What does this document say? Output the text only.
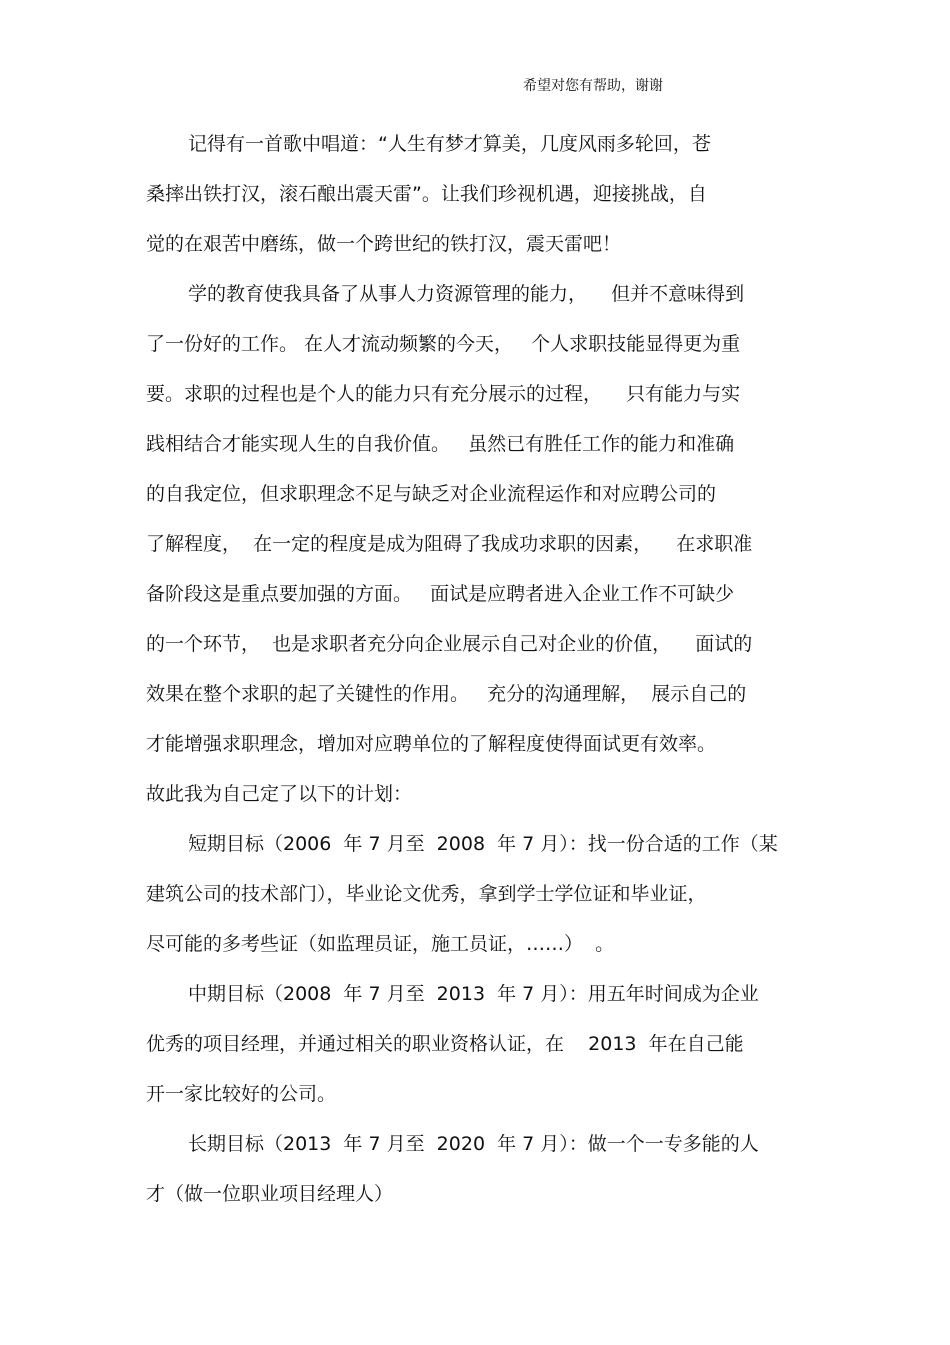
希望对您有帮助，谢谢
记得有一首歌中唱道：“人生有梦才算美，几度风雨多轮回，苍
桑摔出铁打汉，滚石酿出震天雷”。让我们珍视机遇，迎接挑战，自
觉的在艰苦中磨练，做一个跨世纪的铁打汉，震天雷吧！
学的教育使我具备了从事人力资源管理的能力，    但并不意味得到
了一份好的工作。 在人才流动频繁的今天，   个人求职技能显得更为重
要。求职的过程也是个人的能力只有充分展示的过程，    只有能力与实
践相结合才能实现人生的自我价值。   虽然已有胜任工作的能力和准确
的自我定位，但求职理念不足与缺乏对企业流程运作和对应聘公司的
了解程度，  在一定的程度是成为阻碍了我成功求职的因素，    在求职准
备阶段这是重点要加强的方面。   面试是应聘者进入企业工作不可缺少
的一个环节，  也是求职者充分向企业展示自己对企业的价值，    面试的
效果在整个求职的起了关键性的作用。   充分的沟通理解，  展示自己的
才能增强求职理念，增加对应聘单位的了解程度使得面试更有效率。
故此我为自己定了以下的计划：
短期目标（2006  年 7 月至  2008  年 7 月）：找一份合适的工作（某
建筑公司的技术部门），毕业论文优秀，拿到学士学位证和毕业证，
尽可能的多考些证（如监理员证，施工员证，……）  。
中期目标（2008  年 7 月至  2013  年 7 月）：用五年时间成为企业
优秀的项目经理，并通过相关的职业资格认证，在    2013  年在自己能
开一家比较好的公司。
长期目标（2013  年 7 月至  2020  年 7 月）：做一个一专多能的人
才（做一位职业项目经理人）
